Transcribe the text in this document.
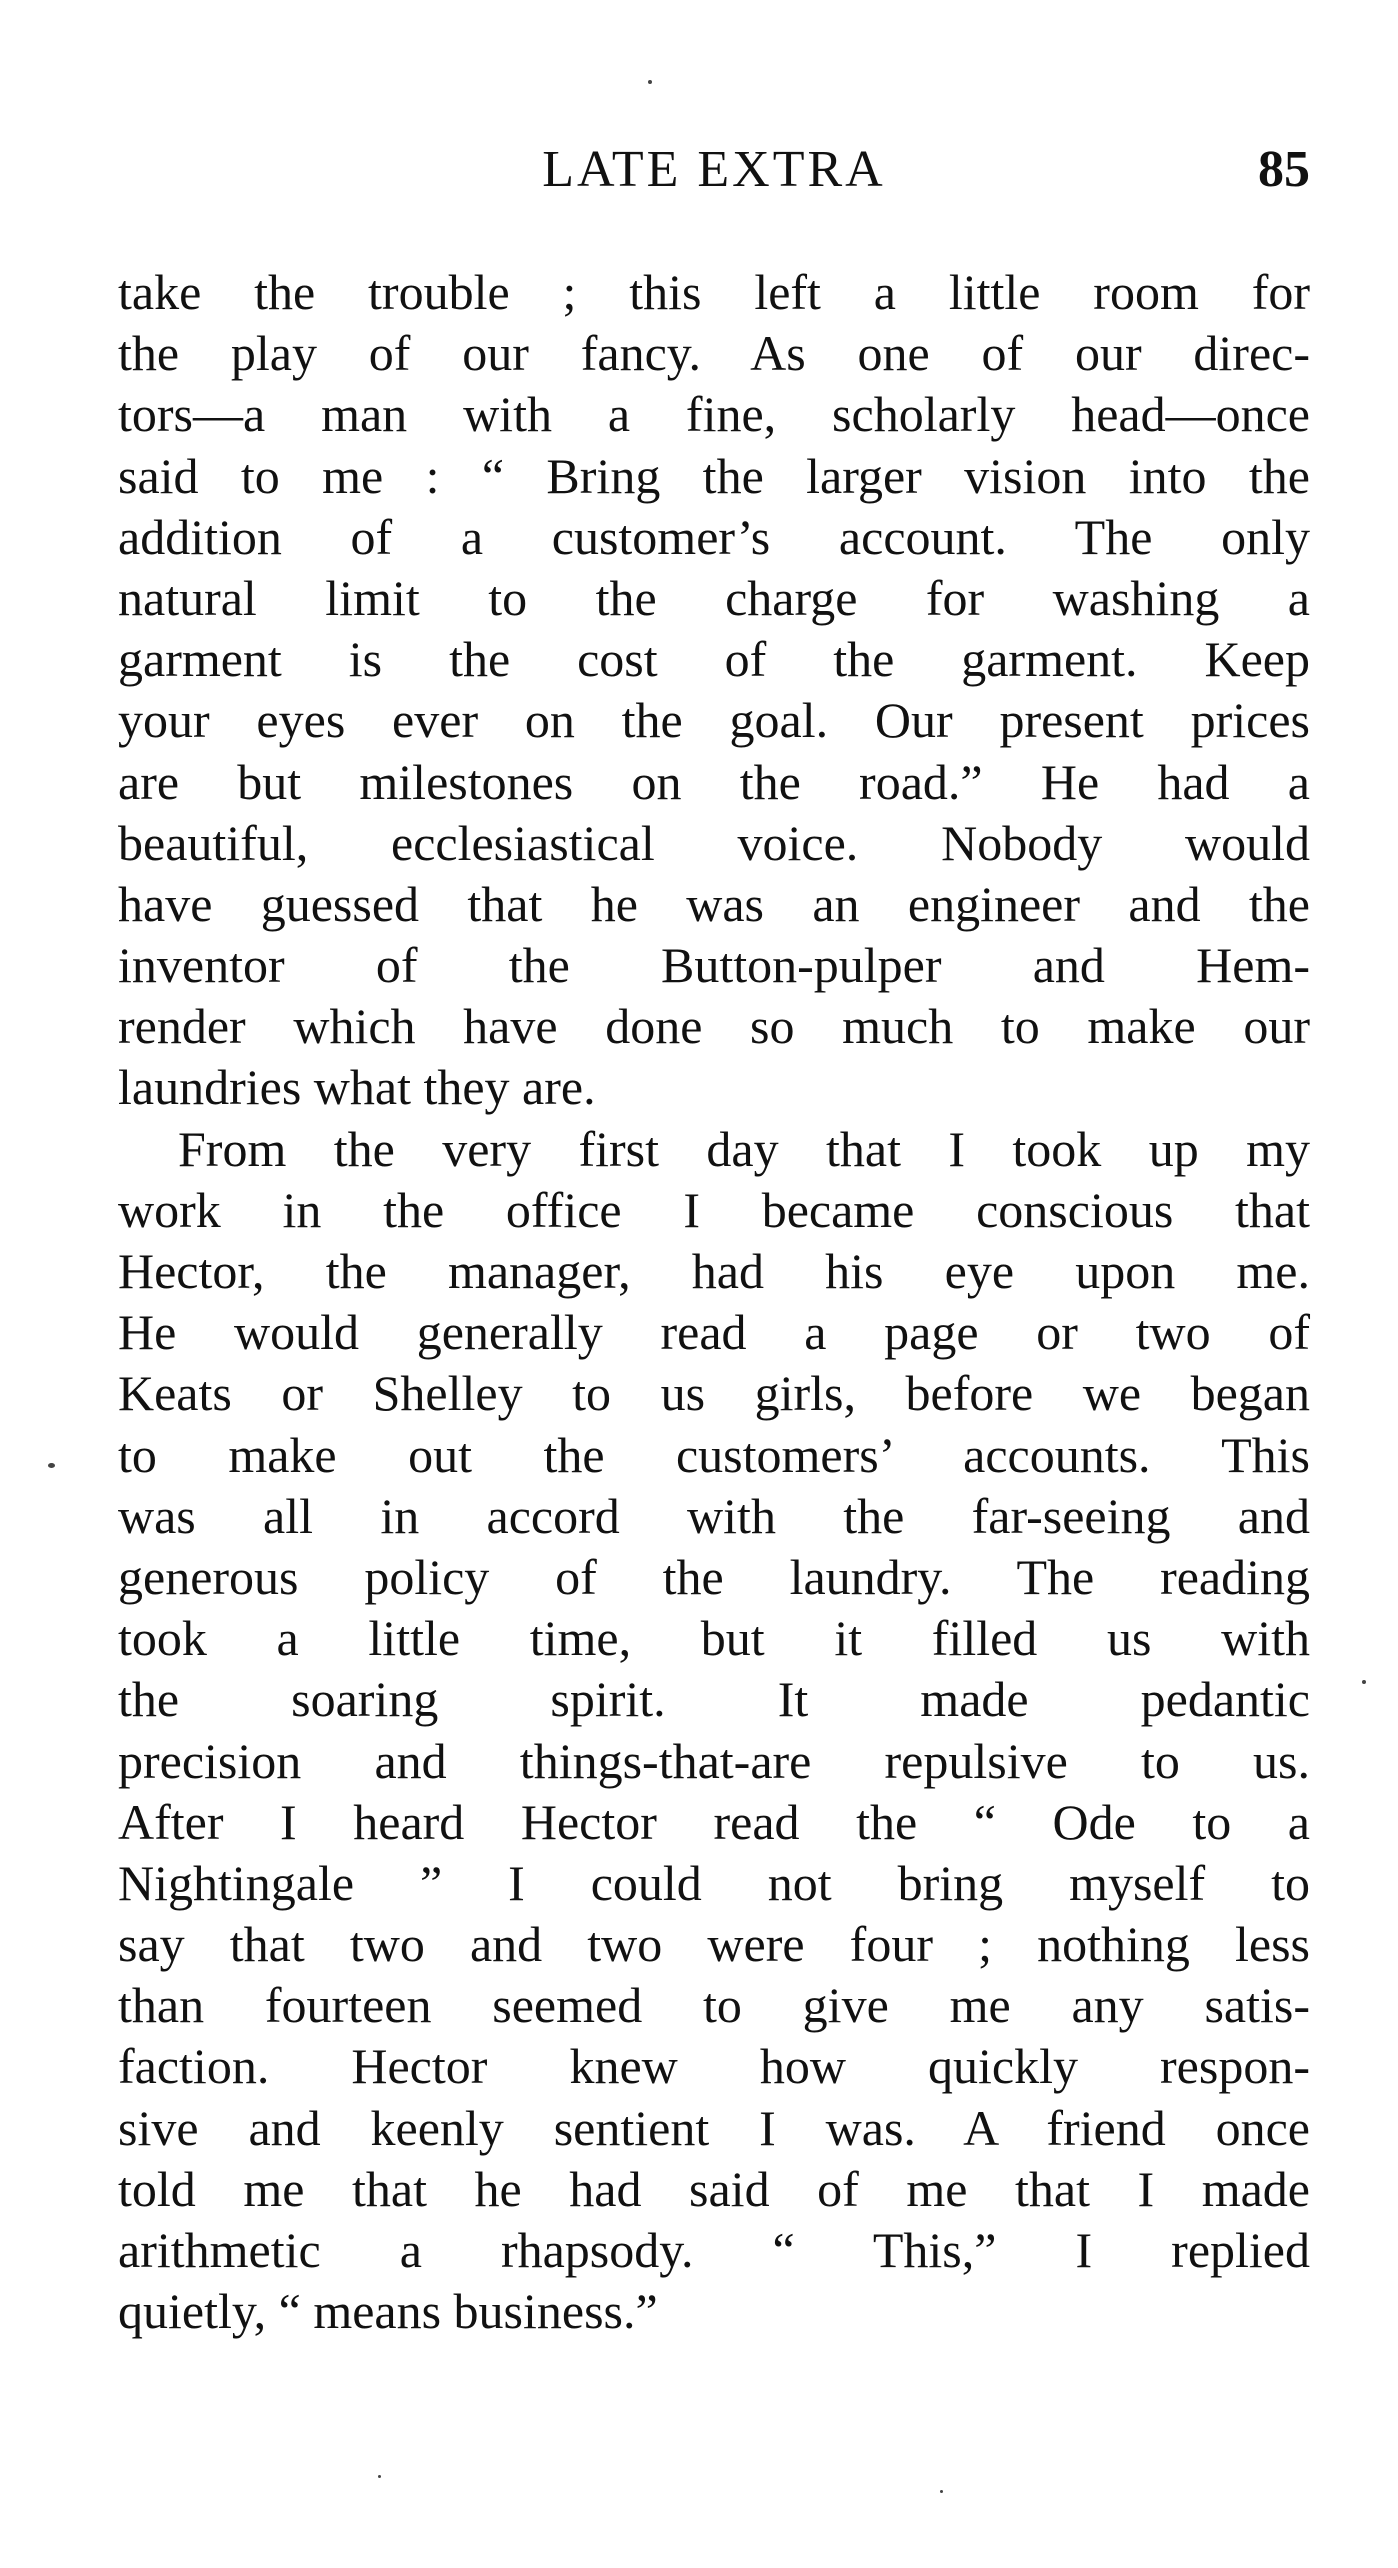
LATE EXTRA	85
take the trouble ; this left a little room for
the play of our fancy. As one of our direc-
tors—a man with a fine, scholarly head—once
said to me : “ Bring the larger vision into the
addition of a customer’s account. The only
natural limit to the charge for washing a
garment is the cost of the garment. Keep
your eyes ever on the goal. Our present prices
are but milestones on the road.” He had a
beautiful, ecclesiastical voice. Nobody would
have guessed that he was an engineer and the
inventor of the Button-pulper and Hem-
render which have done so much to make our
laundries what they are.
From the very first day that I took up my
work in the office I became conscious that
Hector, the manager, had his eye upon me.
He would generally read a page or two of
Keats or Shelley to us girls, before we began
to make out the customers’ accounts. This
was all in accord with the far-seeing and
generous policy of the laundry. The reading
took a little time, but it filled us with
the soaring spirit. It made pedantic
precision and things-that-are repulsive to us.
After I heard Hector read the “ Ode to a
Nightingale ” I could not bring myself to
say that two and two were four ; nothing less
than fourteen seemed to give me any satis-
faction. Hector knew how quickly respon-
sive and keenly sentient I was. A friend once
told me that he had said of me that I made
arithmetic a rhapsody. “ This,” I replied
quietly, “ means business.”
